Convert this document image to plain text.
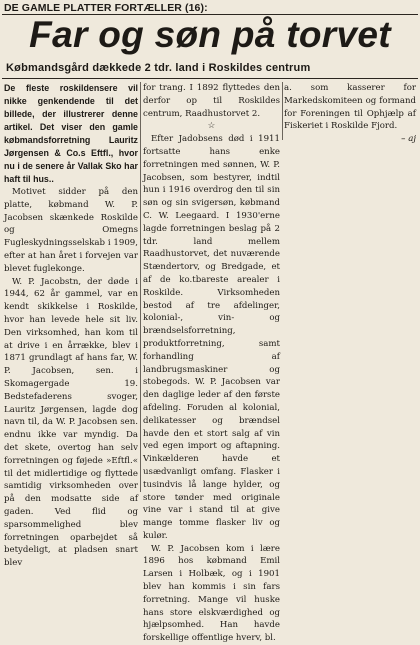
DE GAMLE PLATTER FORTÆLLER (16):
Far og søn på torvet
Købmandsgård dækkede 2 tdr. land i Roskildes centrum

De fleste roskildensere vil nikke genkendende til det billede, der illustrerer denne artikel. Det viser den gamle købmandsforretning Lauritz Jørgensen & Co.s Eftfl., hvor nu i de senere år Vallak Sko har haft til hus..

Motivet sidder på den platte, købmand W. P. Jacobsen skænkede Roskilde og Omegns Fugleskydningsselskab i 1909, efter at han året i forvejen var blevet fuglekonge.

W. P. Jacobstn, der døde i 1944, 62 år gammel, var en kendt skikkelse i Roskilde, hvor han levede hele sit liv. Den virksomhed, han kom til at drive i en årrække, blev i 1871 grundlagt af hans far, W. P. Jacobsen, sen. i Skomagergade 19. Bedstefaderens svoger, Lauritz Jørgensen, lagde dog navn til, da W. P. Jacobsen sen. endnu ikke var myndig. Da det skete, overtog han selv forretningen og føjede »Eftfl.« til det midlertidige og flyttede samtidig virksomheden over på den modsatte side af gaden. Ved flid og sparsommelighed blev forretningen oparbejdet så betydeligt, at pladsen snart blev

for trang. I 1892 flyttedes den derfor op til Roskildes centrum, Raadhustorvet 2.

☆

Efter Jadobsens død i 1911 fortsatte hans enke forretningen med sønnen, W. P. Jacobsen, som bestyrer, indtil hun i 1916 overdrog den til sin søn og sin svigersøn, købmand C. W. Leegaard. I 1930'erne lagde forretningen beslag på 2 tdr. land mellem Raadhustorvet, det nuværende Stændertorv, og Bredgade, et af de ko.tbareste arealer i Roskilde. Virksomheden bestod af tre afdelinger, kolonial-, vin- og brændselsforretning, produktforretning, samt forhandling af landbrugsmaskiner og stobegods. W. P. Jacobsen var den daglige leder af den første afdeling. Foruden al kolonial, delikatesser og brændsel havde den et stort salg af vin ved egen import og aftapning. Vinkælderen havde et usædvanligt omfang. Flasker i tusindvis lå lange hylder, og store tønder med originale vine var i stand til at give mange tomme flasker liv og kulør.

W. P. Jacobsen kom i lære 1896 hos købmand Emil Larsen i Holbæk, og i 1901 blev han kommis i sin fars forretning. Mange vil huske hans store elskværdighed og hjælpsomhed. Han havde forskellige offentlige hverv, bl.

a. som kasserer for Markedskomiteen og formand for Foreningen til Ophjælp af Fiskeriet i Roskilde Fjord.

– aj
